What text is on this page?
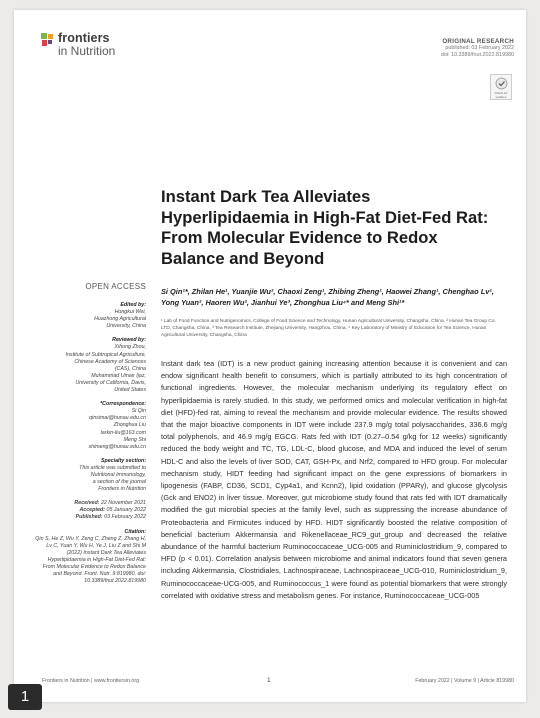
frontiers
in Nutrition
ORIGINAL RESEARCH
published: 03 February 2022
doi: 10.3389/fnut.2022.819980
Check for
updates
Instant Dark Tea Alleviates Hyperlipidaemia in High-Fat Diet-Fed Rat: From Molecular Evidence to Redox Balance and Beyond
OPEN ACCESS
Edited by:
Hongkui Wei,
Huazhong Agricultural
University, China
Reviewed by:
Xihong Zhou,
Institute of Subtropical Agriculture,
Chinese Academy of Sciences
(CAS), China
Muhammad Umair Ijaz,
University of California, Davis,
United States
*Correspondence:
Si Qin
qinsimai@hunau.edu.cn
Zhonghua Liu
larkin-liu@163.com
Meng Shi
shimeng@hunau.edu.cn
Specialty section:
This article was submitted to
Nutritional Immunology,
a section of the journal
Frontiers in Nutrition
Received: 22 November 2021
Accepted: 05 January 2022
Published: 03 February 2022
Citation:
Qin S, He Z, Wu Y, Zeng C, Zheng Z, Zhang H, Lv C, Yuan Y, Wu H, Ye J, Liu Z and Shi M (2022) Instant Dark Tea Alleviates Hyperlipidaemia in High-Fat Diet-Fed Rat: From Molecular Evidence to Redox Balance and Beyond. Front. Nutr. 9:819980. doi: 10.3389/fnut.2022.819980
Si Qin¹*, Zhilan He¹, Yuanjie Wu², Chaoxi Zeng¹, Zhibing Zheng¹, Haowei Zhang¹, Chenghao Lv¹, Yong Yuan², Haoren Wu², Jianhui Ye³, Zhonghua Liu⁴* and Meng Shi¹*
¹ Lab of Food Function and Nutrigenomics, College of Food Science and Technology, Hunan Agricultural University, Changsha, China, ² Hunan Tea Group Co. LTD, Changsha, China, ³ Tea Research Institute, Zhejiang University, Hangzhou, China, ⁴ Key Laboratory of Ministry of Education for Tea Science, Hunan Agricultural University, Changsha, China

Instant dark tea (IDT) is a new product gaining increasing attention because it is convenient and can endow significant health benefit to consumers, which is partially attributed to its high concentration of functional ingredients. However, the molecular mechanism underlying its regulatory effect on hyperlipidaemia is rarely studied. In this study, we performed omics and molecular verification in high-fat diet (HFD)-fed rat, aiming to reveal the mechanism and provide molecular evidence. The results showed that the major bioactive components in IDT were include 237.9 mg/g total polysaccharides, 336.6 mg/g total polyphenols, and 46.9 mg/g EGCG. Rats fed with IDT (0.27–0.54 g/kg for 12 weeks) significantly reduced the body weight and TC, TG, LDL-C, blood glucose, and MDA and induced the level of serum HDL-C and also the levels of liver SOD, CAT, GSH-Px, and Nrf2, compared to HFD group. For molecular mechanism study, HIDT feeding had significant impact on the gene expressions of biomarkers in lipogenesis (FABP, CD36, SCD1, Cyp4a1, and Kcnn2), lipid oxidation (PPARγ), and glucose glycolysis (Gck and ENO2) in liver tissue. Moreover, gut microbiome study found that rats fed with IDT dramatically modified the gut microbial species at the family level, such as suppressing the increase abundance of Proteobacteria and Firmicutes induced by HFD. HIDT significantly boosted the relative composition of beneficial bacterium Akkermansia and Rikenellaceae_RC9_gut_group and decreased the relative abundance of the harmful bacterium Ruminococcaceae_UCG-005 and Ruminiclostridium_9, compared to HFD (p < 0.01). Correlation analysis between microbiome and animal indicators found that seven genera including Akkermansia, Clostridiales, Lachnospiraceae, Lachnospiraceae_UCG-010, Ruminiclostridium_9, Ruminococcaceae-UCG-005, and Ruminococcus_1 were found as potential biomarkers that were strongly correlated with oxidative stress and metabolism genes. For instance, Ruminococcaceae_UCG-005

Frontiers in Nutrition | www.frontiersin.org	1	February 2022 | Volume 9 | Article 819980
1
